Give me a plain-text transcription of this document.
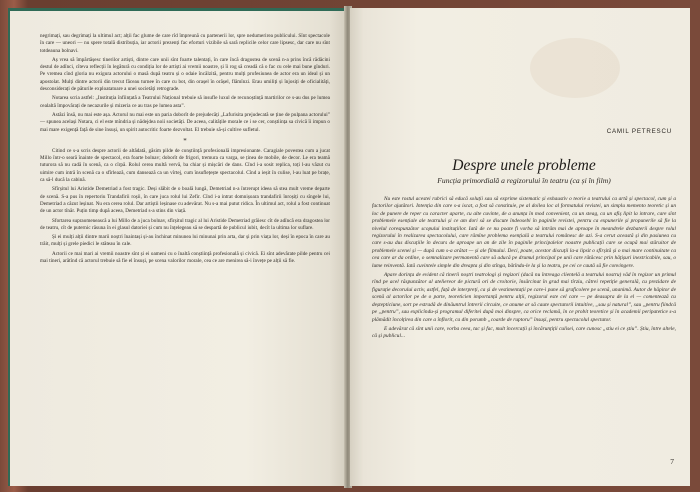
negrimați, sau degrimați la ultimul act; alții fac glume de care rîd împreună cu partenerii lor, spre nedumerirea publicului. Sînt spectacole în care — uneori — nu spere totală distribuția, iar actorii prezenți fac eforturi vizibile să sară replicile celor care lipsesc, dar care nu sînt totdeauna bolnavi.

Aș vrea să împărtășesc tinerilor artiști, dintre care unii sînt foarte talentați, în care încă dragostea de scenă n-a prins încă rădăcini destul de adînci, cîteva reflecții în legătură cu condiția lor de artiști ai vremii noastre, și îi rog să creadă că o fac cu cele mai bune gînduri. Pe vremea cînd gloria nu exigura actorului o masă după teatru și o odaie încălzită, pentru mulți profesiunea de actor era un ideal și un apostolat. Mulți dintre actorii din trecut făceau turnee în care cu bot, din orașel în orășel, flămînzi. Erau umiliți și înjosiți de oficialități, desconsiderați de păturile exploatatoare a unei societăți retrograde.

Notarea scria astfel: „Instituția înființată a Teatrului Național trebuie să insufle luxul de recunoștință martirilor ce s-au dus pe lumea cealaltă împovărați de necazurile și mizeria ce au tras pe lumea asta”.

Astăzi însă, nu mai este așa. Actorul nu mai este un paria doborît de prejudecăți „Lafurisita prejudecată se ține de pulpana actorului” — spunea același Notara, ci el este mîndria și nădejdea noii societăți. De aceea, calitățile morale ce i se cer, conștiința sa civică îi impun o mai mare exigență față de sine însuși, un spirit autocritic foarte dezvoltat. El trebuie să-și cultive sufletul.

*

Citind ce s-a scris despre actorii de altădată, găsim pilde de conștiință profesională impresionante. Caragiale povestea cum a jucat Millo într-o seară înainte de spectacol, era foarte bolnav; doborît de frigori, tremura ca varga, se ținea de mobile, de decor. Le era teamă tuturora să nu cadă în scenă, ca o cîrpă. Rolul cerea multă vervă, ba chiar și mișcări de dans. Cînd i-a sosit replica, toți l-au văzut cu uimire cum intră în scenă ca o sfîrlează, cum dansează ca un vîrtej, cum însuflețește spectacolul. Cînd a ieșit în culise, l-au luat pe brațe, ca să-l ducă la cabină.

Sfîrșitul lui Aristide Demetriad a fost tragic. Deși slăbit de o boală lungă, Demetriad n-a întrerupt ideea să stea mult vreme departe de scenă. S-a pus în repertoriu Trandafirii roșii, în care juca rolul lui Zefir. Cînd i-a intrat domnișoara trandafirii înroșiți cu sîngele lui, Demetriad a căzut leșinat. Nu era cerea rolul. Dar artiștii leșinase cu adevărat. Nu s-a mai putut ridica. În ultimul act, rolul a fost continuat de un actor tînăr. Puțin timp după aceea, Demetriad s-a stins din viață.

Sfortarea supraomenească a lui Millo de a juca bolnav, sfîrșitul tragic al lui Aristide Demetriad grăiesc cît de adîncă era dragostea lor de teatru, cît de puternic răsuna în ei glasul datoriei și cum nu înțelegeau să se despartă de publicul iubit, decît la ultima lor suflare.

Și ei mulți alții dintre marii noștri înaintași și-au închinat minunea lui minunai prin arta, dar și prin viața lor, deși în epoca în care au trăit, mulți și grele piedici le stăteau în cale.

Actorii ce mai mari ai vremii noastre sînt și ei oameni cu o înaltă conștiință profesională și civică. Ei sînt adevărate pilde pentru cei mai tineri, arătînd că actorul trebuie să fie el însuși, pe scena valorilor morale, cea ce are menirea să-i învețe pe alții să fie.

CAMIL PETRESCU
Despre unele probleme
Funcția primordială a regizorului în teatru (ca și în film)

Nu este rostul acestei rubrici să educă soluții sau să exprime sistematic și exhaustiv o teorie a teatrului ca artă și spectacol, cum și a factorilor ajutători. Intenția din care s-a iscat, a fost să constituie, pe al doilea loc al formatului revistei, un simplu memento teoretic și un loc de punere de reper cu caracter aparte, cu alte cuvinte, de a anunța în mod convenient, ca un steag, ca un afiș lipit la intrare, care sînt problemele esențiale ale teatrului și ce am dori să se discute îndeosebi în paginile revistei, pentru ca expunerile și propunerile să fie la nivelul corespunzător scopului instituțiilor. Iată de ce nu poate fi vorba să intrăm mai de aproape în meandrele dezbaterii despre rolul regizorului în realizarea spectacolului, care rămîne problema esențială a teatrului românesc de azi. S-a cerut această și din pasiunea cu care s-au dus discuțiile în decurs de aproape un an de zile în paginile principalelor noastre publicații care se ocupă mai stăruitor de problemele scenei și — după cum s-a arătat — și ale filmului. Deci, poate, acestor discuții la-a lipsit o sfîrșită și o mai mare continuitate ca cea care ar da ordine, o semnalizare permanentă care să aducă pe drumul principal pe unii care rătăcesc prin hățișuri inextricabile, sau, o lume reinventă. Iată cuvintele simple din dreapta și din stînga, bătîndu-le la și la teatru, pe cei ce caută să fie convingere.

Apare dorința de evident că tinerii noștri teatrologi și regizori (dacă nu întreaga clientelă a teatrului nostru) văd în regizor un primul rînd pe acel răspunzător al ateliereor de pictură ori de croitorie, însărcinat în grad mai tîrziu, cătrei repetiție generală, cu prezidare de figurație decorului activ, astfel, față de interpreți, ca și de vestimentații pe care-i pune să graficolere pe scenă, unanimă. Autor de hăpitor de scenă al actorilor pe de o parte, teoreticien importanță pentru alții, regizorul este cel care — pe deasupra de la el — comentează cu deștepticiune, sort pe estradă de dinăuntrul întrerii circuite, ce anume ar să caute spectatorii intuitive, „sau și natural”, sau „pentru fiindcă pe „pentru”, sau explicîndu-și programul diferitei după moi dinspre, ca orice reclamă, în ce probit teoretice și în academii peripatetice s-a plămădit încolțirea din care a înflorit, ca din porumb „coarde de ruptoru” însuși, pentru spectacolul spectator.

E adevărat că sînt unii care, vorba ceea, tac și fac, mult încercații și încărunțiții culisei, care cunosc „stiu ei ce știu”. Știu, între altele, că și publicul...

7
